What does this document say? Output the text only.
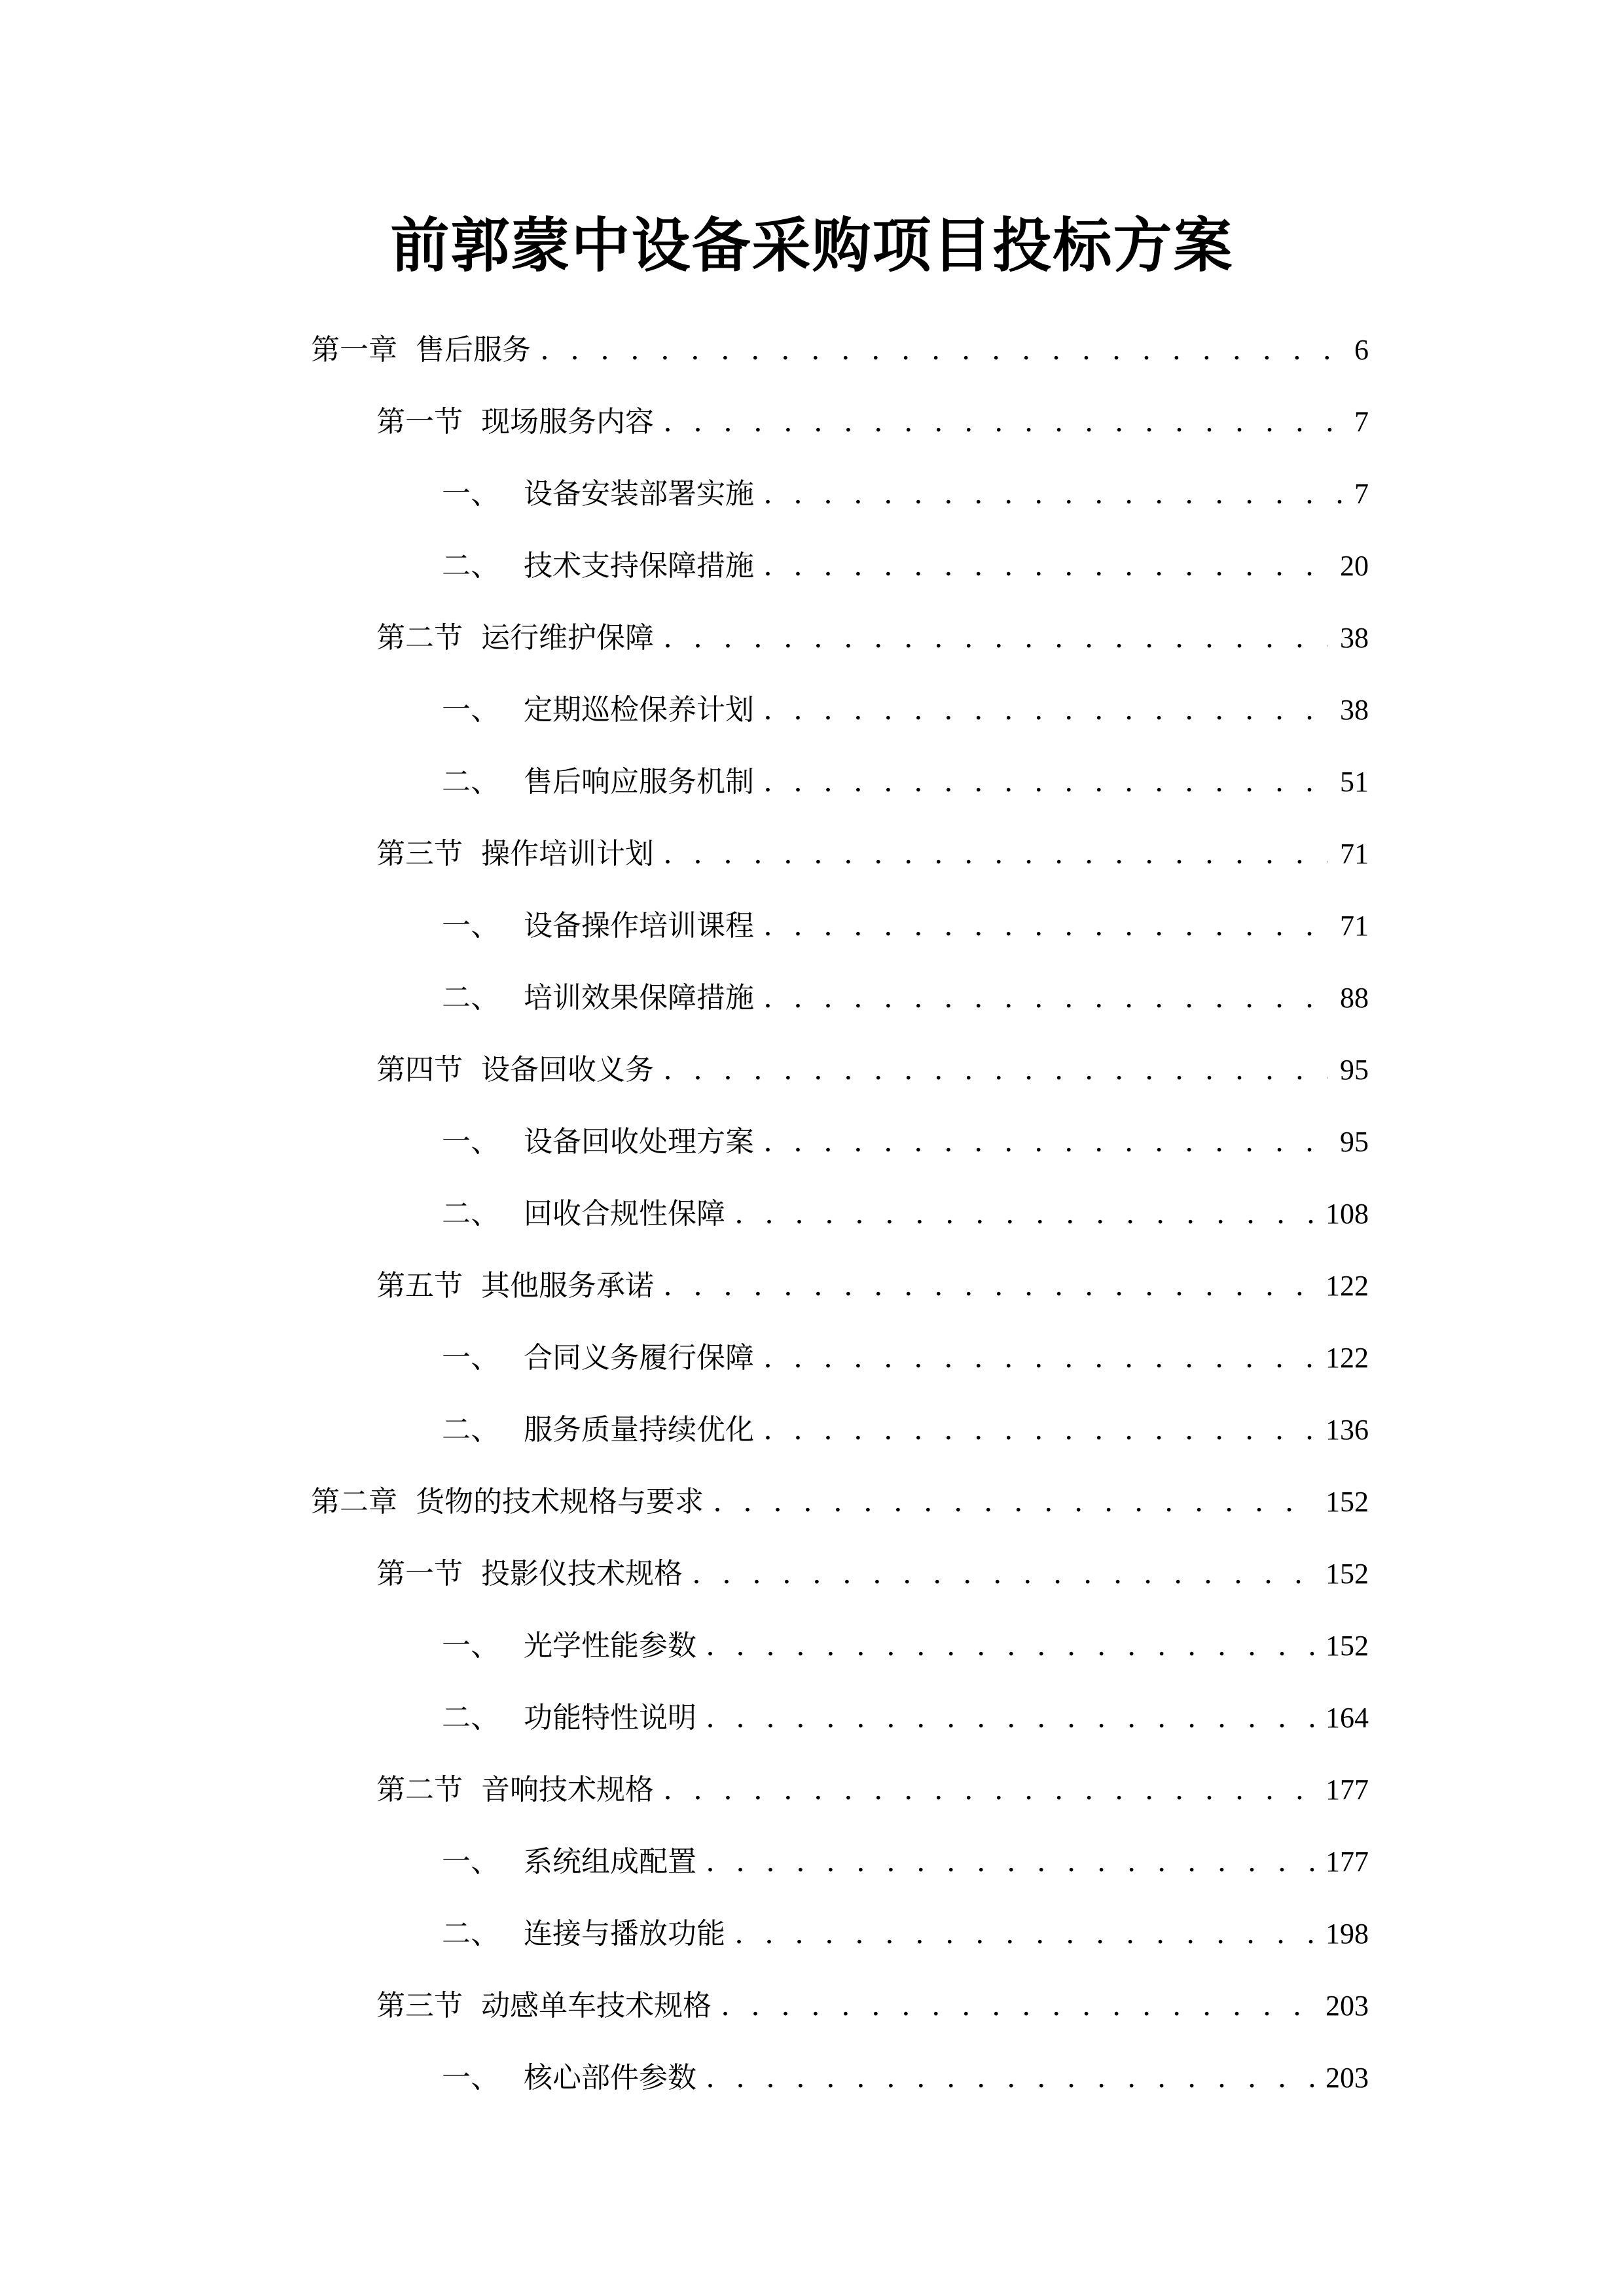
前郭蒙中设备采购项目投标方案
第一章 售后服务 . . .	6
第一节 现场服务内容 . . .	7
一、 设备安装部署实施 . . .	7
二、 技术支持保障措施 . . .	20
第二节 运行维护保障 . . .	38
一、 定期巡检保养计划 . . .	38
二、 售后响应服务机制 . . .	51
第三节 操作培训计划 . . .	71
一、 设备操作培训课程 . . .	71
二、 培训效果保障措施 . . .	88
第四节 设备回收义务 . . .	95
一、 设备回收处理方案 . . .	95
二、 回收合规性保障 . . .	108
第五节 其他服务承诺 . . .	122
一、 合同义务履行保障 . . .	122
二、 服务质量持续优化 . . .	136
第二章 货物的技术规格与要求 . . .	152
第一节 投影仪技术规格 . . .	152
一、 光学性能参数 . . .	152
二、 功能特性说明 . . .	164
第二节 音响技术规格 . . .	177
一、 系统组成配置 . . .	177
二、 连接与播放功能 . . .	198
第三节 动感单车技术规格 . . .	203
一、 核心部件参数 . . .	203
